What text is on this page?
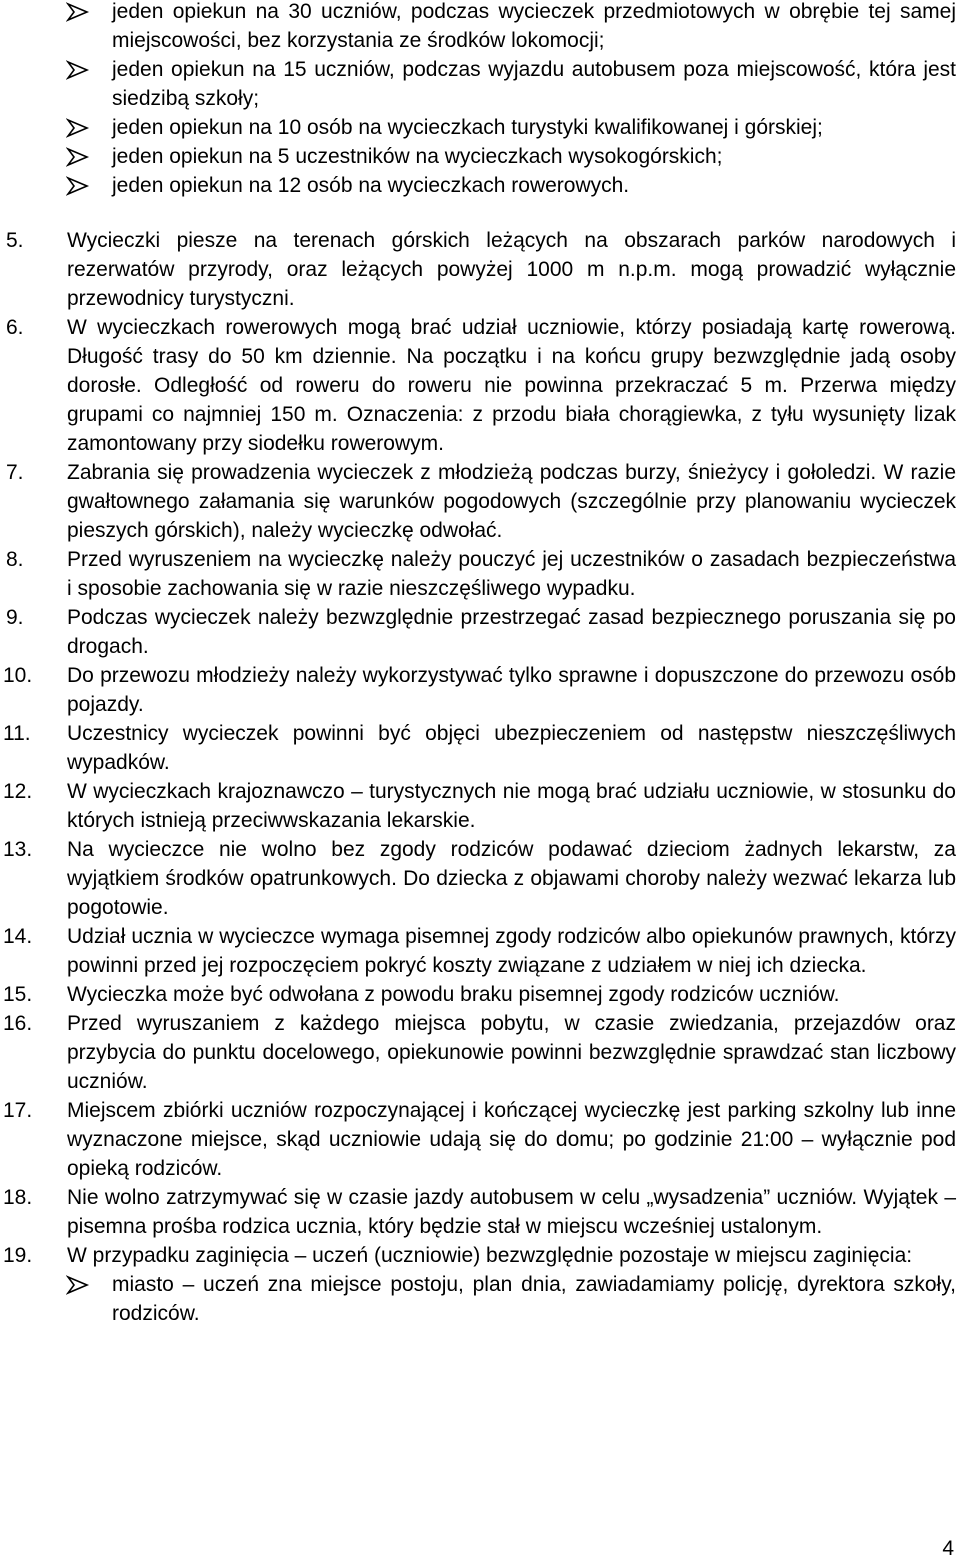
jeden opiekun na 30 uczniów, podczas wycieczek przedmiotowych w obrębie tej samej miejscowości, bez korzystania ze środków lokomocji;
jeden opiekun na 15 uczniów, podczas wyjazdu autobusem poza miejscowość, która jest siedzibą szkoły;
jeden opiekun na 10 osób na wycieczkach turystyki kwalifikowanej i górskiej;
jeden opiekun na 5 uczestników na wycieczkach wysokogórskich;
jeden opiekun na 12 osób na wycieczkach rowerowych.
5. Wycieczki piesze na terenach górskich leżących na obszarach parków narodowych i rezerwatów przyrody, oraz leżących powyżej 1000 m n.p.m. mogą prowadzić wyłącznie przewodnicy turystyczni.
6. W wycieczkach rowerowych mogą brać udział uczniowie, którzy posiadają kartę rowerową. Długość trasy do 50 km dziennie. Na początku i na końcu grupy bezwzględnie jadą osoby dorosłe. Odległość od roweru do roweru nie powinna przekraczać 5 m. Przerwa między grupami co najmniej 150 m. Oznaczenia: z przodu biała chorągiewka, z tyłu wysunięty lizak zamontowany przy siodełku rowerowym.
7. Zabrania się prowadzenia wycieczek z młodzieżą podczas burzy, śnieżycy i gołoledzi. W razie gwałtownego załamania się warunków pogodowych (szczególnie przy planowaniu wycieczek pieszych górskich), należy wycieczkę odwołać.
8. Przed wyruszeniem na wycieczkę należy pouczyć jej uczestników o zasadach bezpieczeństwa i sposobie zachowania się w razie nieszczęśliwego wypadku.
9. Podczas wycieczek należy bezwzględnie przestrzegać zasad bezpiecznego poruszania się po drogach.
10. Do przewozu młodzieży należy wykorzystywać tylko sprawne i dopuszczone do przewozu osób pojazdy.
11. Uczestnicy wycieczek powinni być objęci ubezpieczeniem od następstw nieszczęśliwych wypadków.
12. W wycieczkach krajoznawczo – turystycznych nie mogą brać udziału uczniowie, w stosunku do których istnieją przeciwwskazania lekarskie.
13. Na wycieczce nie wolno bez zgody rodziców podawać dzieciom żadnych lekarstw, za wyjątkiem środków opatrunkowych. Do dziecka z objawami choroby należy wezwać lekarza lub pogotowie.
14. Udział ucznia w wycieczce wymaga pisemnej zgody rodziców albo opiekunów prawnych, którzy powinni przed jej rozpoczęciem pokryć koszty związane z udziałem w niej ich dziecka.
15. Wycieczka może być odwołana z powodu braku pisemnej zgody rodziców uczniów.
16. Przed wyruszaniem z każdego miejsca pobytu, w czasie zwiedzania, przejazdów oraz przybycia do punktu docelowego, opiekunowie powinni bezwzględnie sprawdzać stan liczbowy uczniów.
17. Miejscem zbiórki uczniów rozpoczynającej i kończącej wycieczkę jest parking szkolny lub inne wyznaczone miejsce, skąd uczniowie udają się do domu; po godzinie 21:00 – wyłącznie pod opieką rodziców.
18. Nie wolno zatrzymywać się w czasie jazdy autobusem w celu „wysadzenia” uczniów. Wyjątek – pisemna prośba rodzica ucznia, który będzie stał w miejscu wcześniej ustalonym.
19. W przypadku zaginięcia – uczeń (uczniowie) bezwzględnie pozostaje w miejscu zaginięcia:
miasto – uczeń zna miejsce postoju, plan dnia, zawiadamiamy policję, dyrektora szkoły, rodziców.
4
